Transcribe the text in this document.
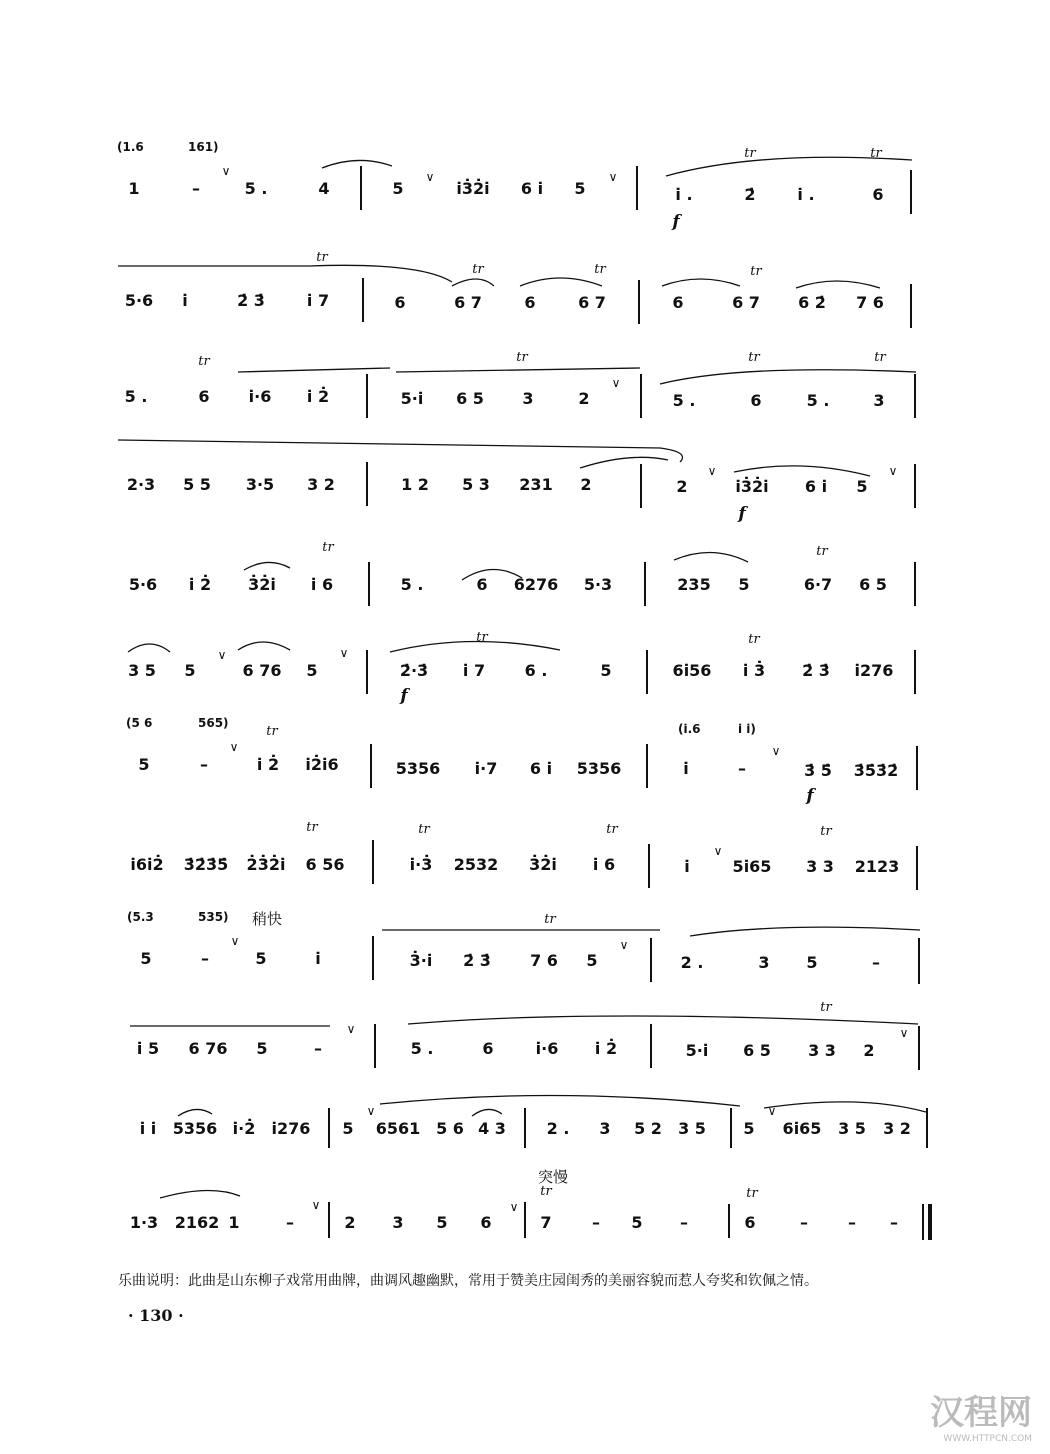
(1.6	161)
1	–
∨
5 .	4	5
∨
i̇3̇2̇i̇ 6 i̇ 5
∨
tr	tr
i̇ .	2̇	i̇ .	6
f
tr
tr	tr	tr
5·6 i̇	2̇ 3̇	i̇ 7	6	6 7	6	6 7	6	6 7 6 2̇ 7 6
tr	tr	tr	tr
5 .	6 i̇·6 i̇ 2̇	5·i̇ 6 5 3	2
∨
5 .	6	5 .	3
2·3 5 5 3·5 3 2	1 2 5 3 231 2	2
∨
i̇3̇2̇i̇ 6 i̇ 5
∨
f
tr	tr
5·6 i̇ 2̇ 3̇2̇i̇ i̇ 6	5 .	6 6276 5·3	235 5	6·7 6 5
tr	tr
3 5 5
∨
6 76 5
∨
2̇·3̇ i̇ 7 6 .	5
f
6i̇56 i̇ 3̇ 2̇ 3̇ i̇276
(5 6	565)	(i̇.6	i̇ i̇)
tr
5	–
∨
i̇ 2̇ i̇2̇i̇6	5356 i̇·7 6 i̇ 5356	i̇	–
∨
3̇ 5̇ 3̇5̇3̇2̇
f
tr	tr	tr	tr
i̇6i̇2̇ 3̇2̇3̇5̇ 2̇3̇2̇i̇ 6 56	i̇·3̇ 2532 3̇2̇i̇ i̇ 6	i̇
∨
5i̇65 3 3 2123
(5.3	535) 稍快	tr
5	–
∨
5	i̇	3̇·i̇ 2̇ 3̇ 7 6 5
∨
2 .	3 5	–
tr
i̇ 5 6 76 5	–
∨
5 .	6	i̇·6 i̇ 2̇	5·i̇ 6 5 3 3 2
∨
i̇ i̇ 5356 i̇·2̇ i̇276 5
∨
6561 5 6 4 3	2 . 3 5 2 3 5 5
∨
6i̇65 3 5 3 2
突慢
tr	tr
1·3 2162 1	–
∨
2 3 5 6
∨
7	– 5 –	6	–	– –
乐曲说明：此曲是山东柳子戏常用曲牌，曲调风趣幽默，常用于赞美庄园闺秀的美丽容貌而惹人夸奖和钦佩之情。
· 130 ·
汉程网
WWW.HTTPCN.COM
